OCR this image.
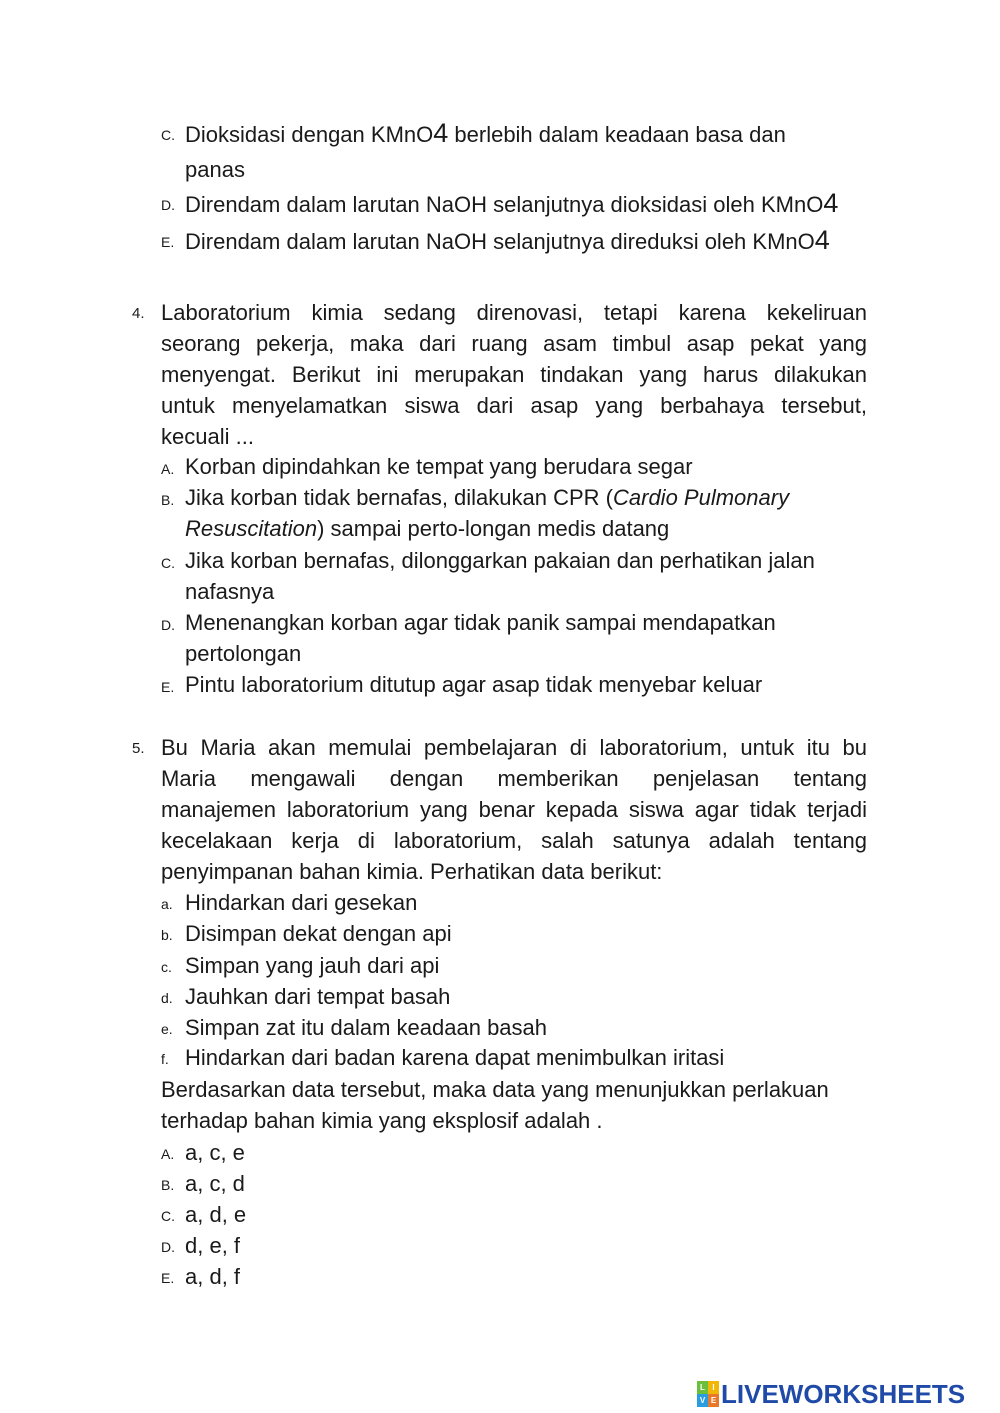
C. Dioksidasi dengan KMnO4 berlebih dalam keadaan basa dan
panas
D. Direndam dalam larutan NaOH selanjutnya dioksidasi oleh KMnO4
E. Direndam dalam larutan NaOH selanjutnya direduksi oleh KMnO4
4. Laboratorium kimia sedang direnovasi, tetapi karena kekeliruan
seorang pekerja, maka dari ruang asam timbul asap pekat yang
menyengat. Berikut ini merupakan tindakan yang harus dilakukan
untuk menyelamatkan siswa dari asap yang berbahaya tersebut,
kecuali ...
A. Korban dipindahkan ke tempat yang berudara segar
B. Jika korban tidak bernafas, dilakukan CPR (Cardio Pulmonary
Resuscitation) sampai perto-longan medis datang
C. Jika korban bernafas, dilonggarkan pakaian dan perhatikan jalan
nafasnya
D. Menenangkan korban agar tidak panik sampai mendapatkan
pertolongan
E. Pintu laboratorium ditutup agar asap tidak menyebar keluar
5. Bu Maria akan memulai pembelajaran di laboratorium, untuk itu bu
Maria mengawali dengan memberikan penjelasan tentang
manajemen laboratorium yang benar kepada siswa agar tidak terjadi
kecelakaan kerja di laboratorium, salah satunya adalah tentang
penyimpanan bahan kimia. Perhatikan data berikut:
a. Hindarkan dari gesekan
b. Disimpan dekat dengan api
c. Simpan yang jauh dari api
d. Jauhkan dari tempat basah
e. Simpan zat itu dalam keadaan basah
f. Hindarkan dari badan karena dapat menimbulkan iritasi
Berdasarkan data tersebut, maka data yang menunjukkan perlakuan
terhadap bahan kimia yang eksplosif adalah .
A. a, c, e
B. a, c, d
C. a, d, e
D. d, e, f
E. a, d, f
L I
V E LIVEWORKSHEETS
